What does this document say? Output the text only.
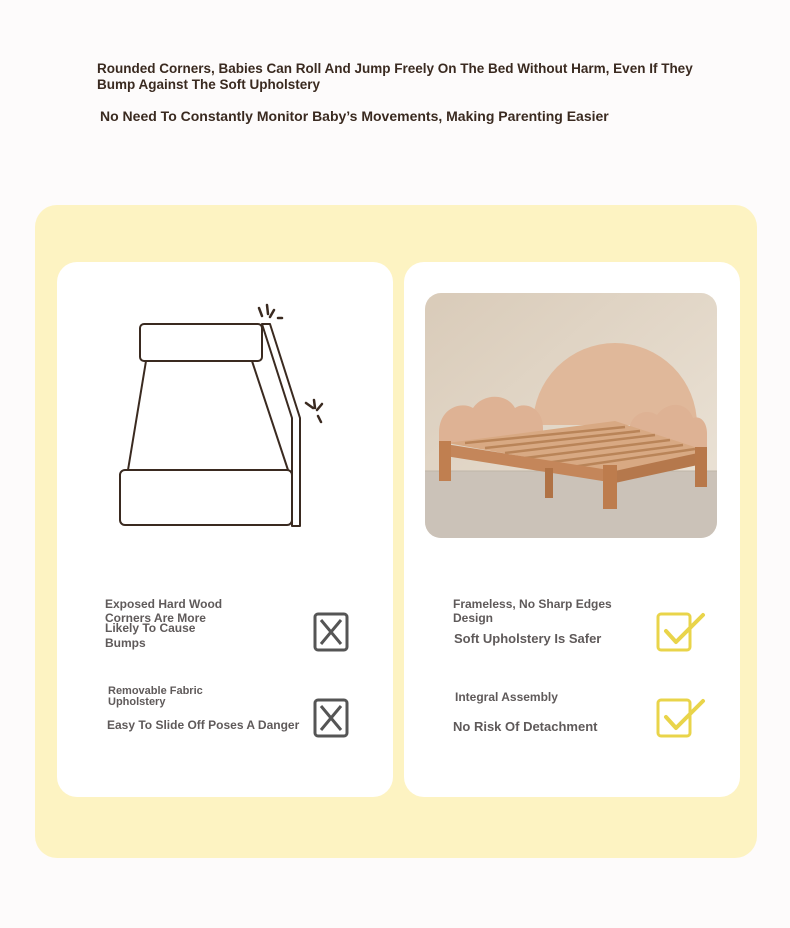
Rounded Corners, Babies Can Roll And Jump Freely On The Bed Without Harm, Even If They Bump Against The Soft Upholstery
No Need To Constantly Monitor Baby’s Movements, Making Parenting Easier
Exposed Hard Wood
Corners Are More
Likely To Cause
Bumps
Removable Fabric
Upholstery
Easy To Slide Off Poses A Danger
Frameless, No Sharp Edges
Design
Soft Upholstery Is Safer
Integral Assembly
No Risk Of Detachment
